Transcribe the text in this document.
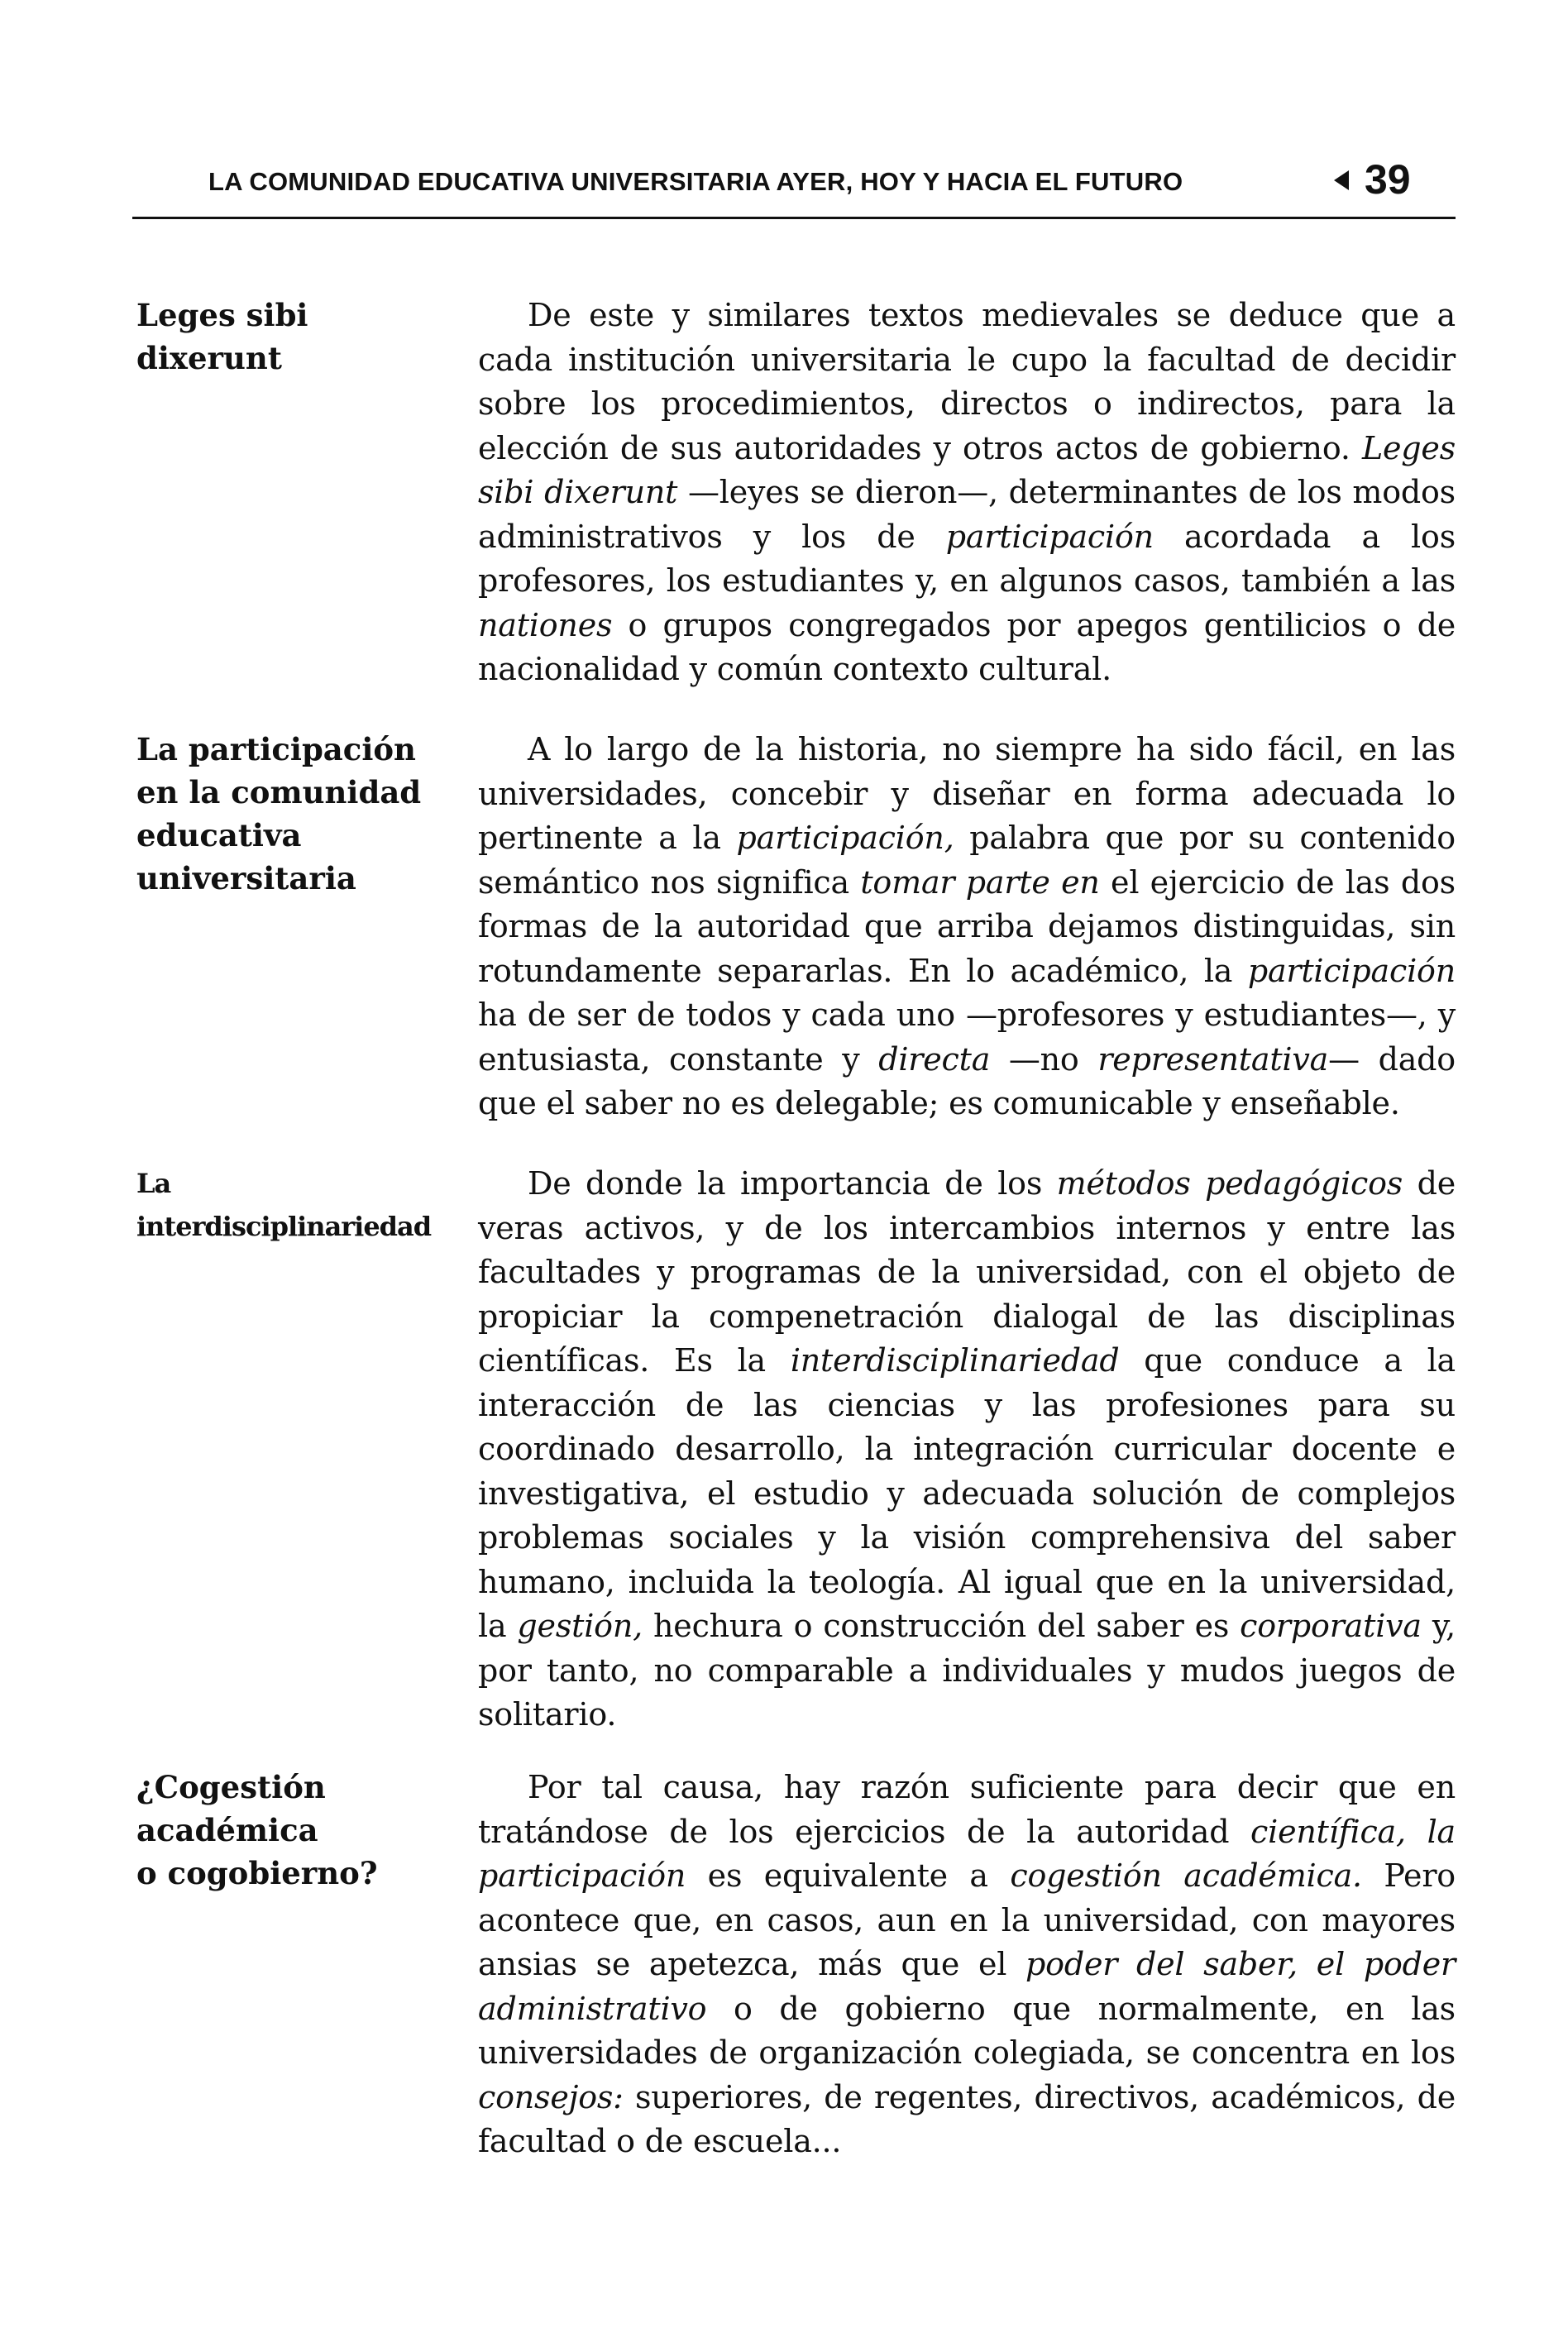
LA COMUNIDAD EDUCATIVA UNIVERSITARIA AYER, HOY Y HACIA EL FUTURO	39
Leges sibi
dixerunt

De este y similares textos medievales se deduce que a cada institución universitaria le cupo la facultad de decidir sobre los procedimientos, directos o indirectos, para la elección de sus autoridades y otros actos de gobierno. Leges sibi dixerunt —leyes se dieron—, determinantes de los modos administrativos y los de participación acordada a los profesores, los estudiantes y, en algunos casos, también a las nationes o grupos congregados por apegos gentilicios o de nacionalidad y común contexto cultural.

La participación
en la comunidad
educativa
universitaria

A lo largo de la historia, no siempre ha sido fácil, en las universidades, concebir y diseñar en forma adecuada lo pertinente a la participación, palabra que por su contenido semántico nos significa tomar parte en el ejercicio de las dos formas de la autoridad que arriba dejamos distinguidas, sin rotundamente separarlas. En lo académico, la participación ha de ser de todos y cada uno —profesores y estudiantes—, y entusiasta, constante y directa —no representativa— dado que el saber no es delegable; es comunicable y enseñable.

La
interdisciplinariedad

De donde la importancia de los métodos pedagógicos de veras activos, y de los intercambios internos y entre las facultades y programas de la universidad, con el objeto de propiciar la compenetración dialogal de las disciplinas científicas. Es la interdisciplinariedad que conduce a la interacción de las ciencias y las profesiones para su coordinado desarrollo, la integración curricular docente e investigativa, el estudio y adecuada solución de complejos problemas sociales y la visión comprehensiva del saber humano, incluida la teología. Al igual que en la universidad, la gestión, hechura o construcción del saber es corporativa y, por tanto, no comparable a individuales y mudos juegos de solitario.

¿Cogestión
académica
o cogobierno?

Por tal causa, hay razón suficiente para decir que en tratándose de los ejercicios de la autoridad científica, la participación es equivalente a cogestión académica. Pero acontece que, en casos, aun en la universidad, con mayores ansias se apetezca, más que el poder del saber, el poder administrativo o de gobierno que normalmente, en las universidades de organización colegiada, se concentra en los consejos: superiores, de regentes, directivos, académicos, de facultad o de escuela...
